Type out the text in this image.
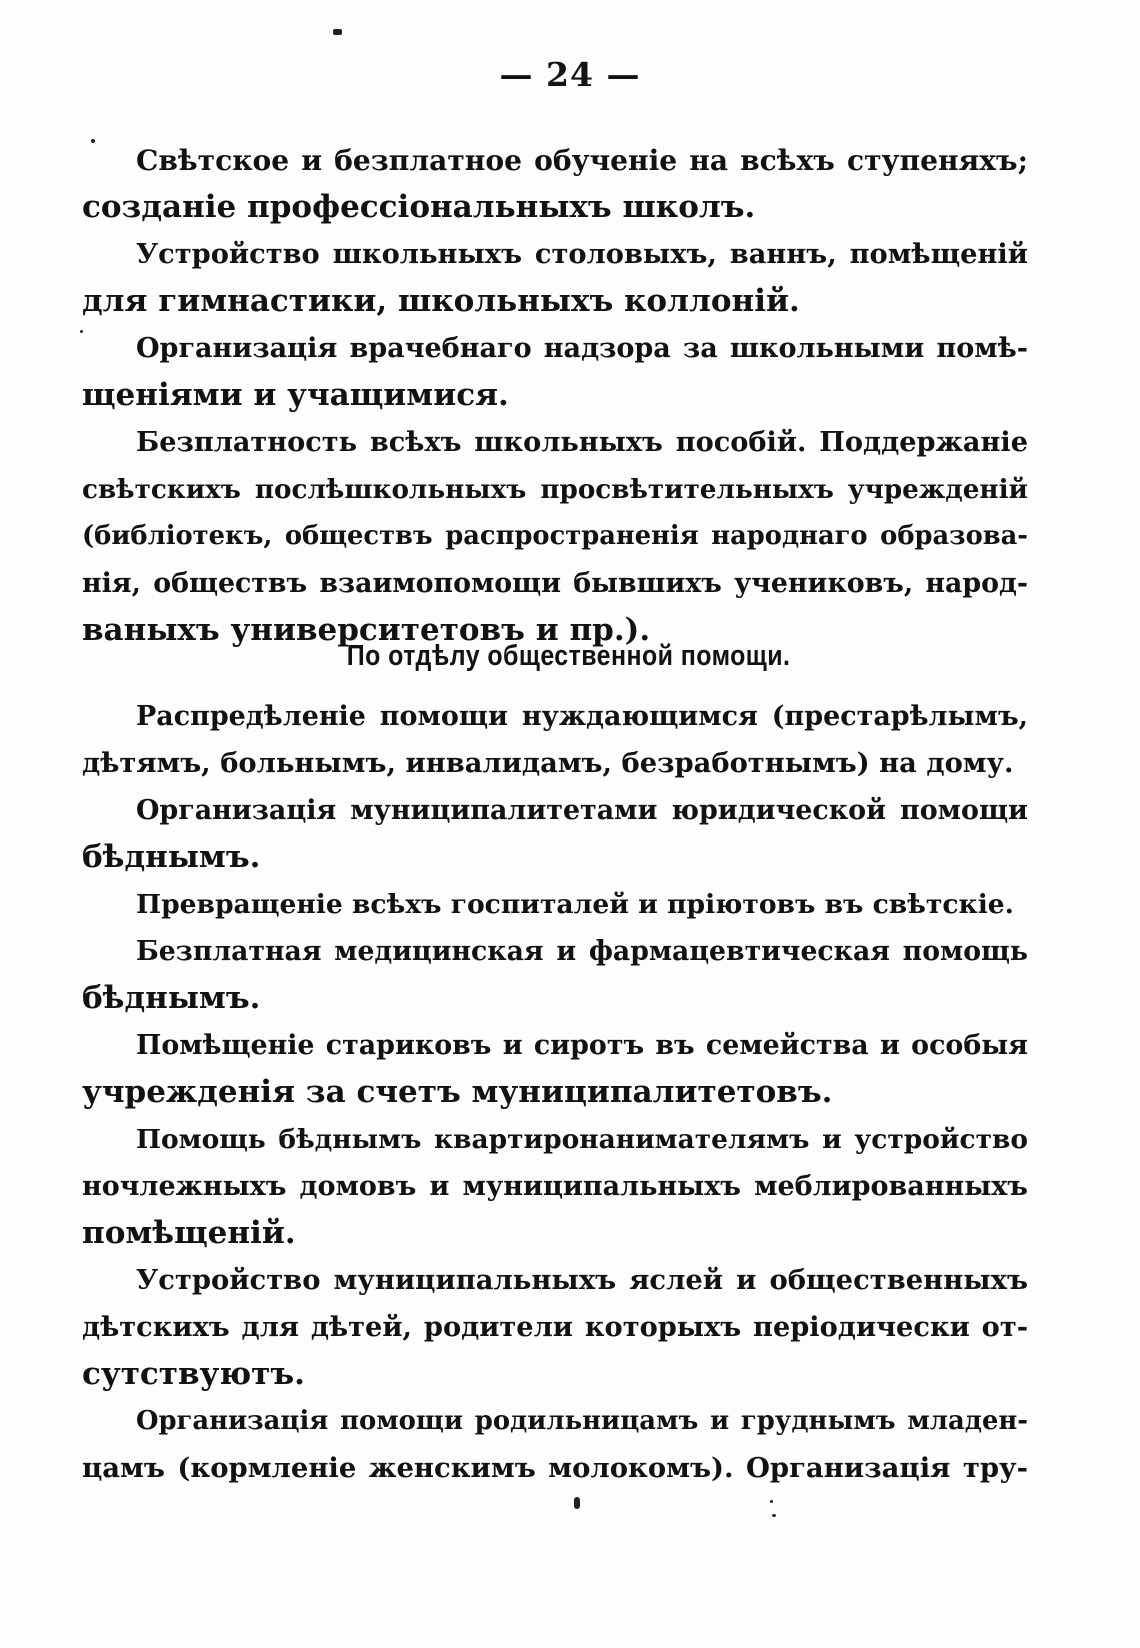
— 24 —
Свѣтское и безплатное обученіе на всѣхъ ступеняхъ;
созданіе профессіональныхъ школъ.
Устройство школьныхъ столовыхъ, ваннъ, помѣщеній
для гимнастики, школьныхъ коллоній.
Организація врачебнаго надзора за школьными помѣ-
щеніями и учащимися.
Безплатность всѣхъ школьныхъ пособій. Поддержаніе
свѣтскихъ послѣшкольныхъ просвѣтительныхъ учрежденій
(библіотекъ, обществъ распространенія народнаго образова-
нія, обществъ взаимопомощи бывшихъ учениковъ, народ-
ваныхъ университетовъ и пр.).
По отдѣлу общественной помощи.
Распредѣленіе помощи нуждающимся (престарѣлымъ,
дѣтямъ, больнымъ, инвалидамъ, безработнымъ) на дому.
Организація муниципалитетами юридической помощи
бѣднымъ.
Превращеніе всѣхъ госпиталей и пріютовъ въ свѣтскіе.
Безплатная медицинская и фармацевтическая помощь
бѣднымъ.
Помѣщеніе стариковъ и сиротъ въ семейства и особыя
учрежденія за счетъ муниципалитетовъ.
Помощь бѣднымъ квартиронанимателямъ и устройство
ночлежныхъ домовъ и муниципальныхъ меблированныхъ
помѣщеній.
Устройство муниципальныхъ яслей и общественныхъ
дѣтскихъ для дѣтей, родители которыхъ періодически от-
сутствуютъ.
Организація помощи родильницамъ и груднымъ младен-
цамъ (кормленіе женскимъ молокомъ). Организація тру-
